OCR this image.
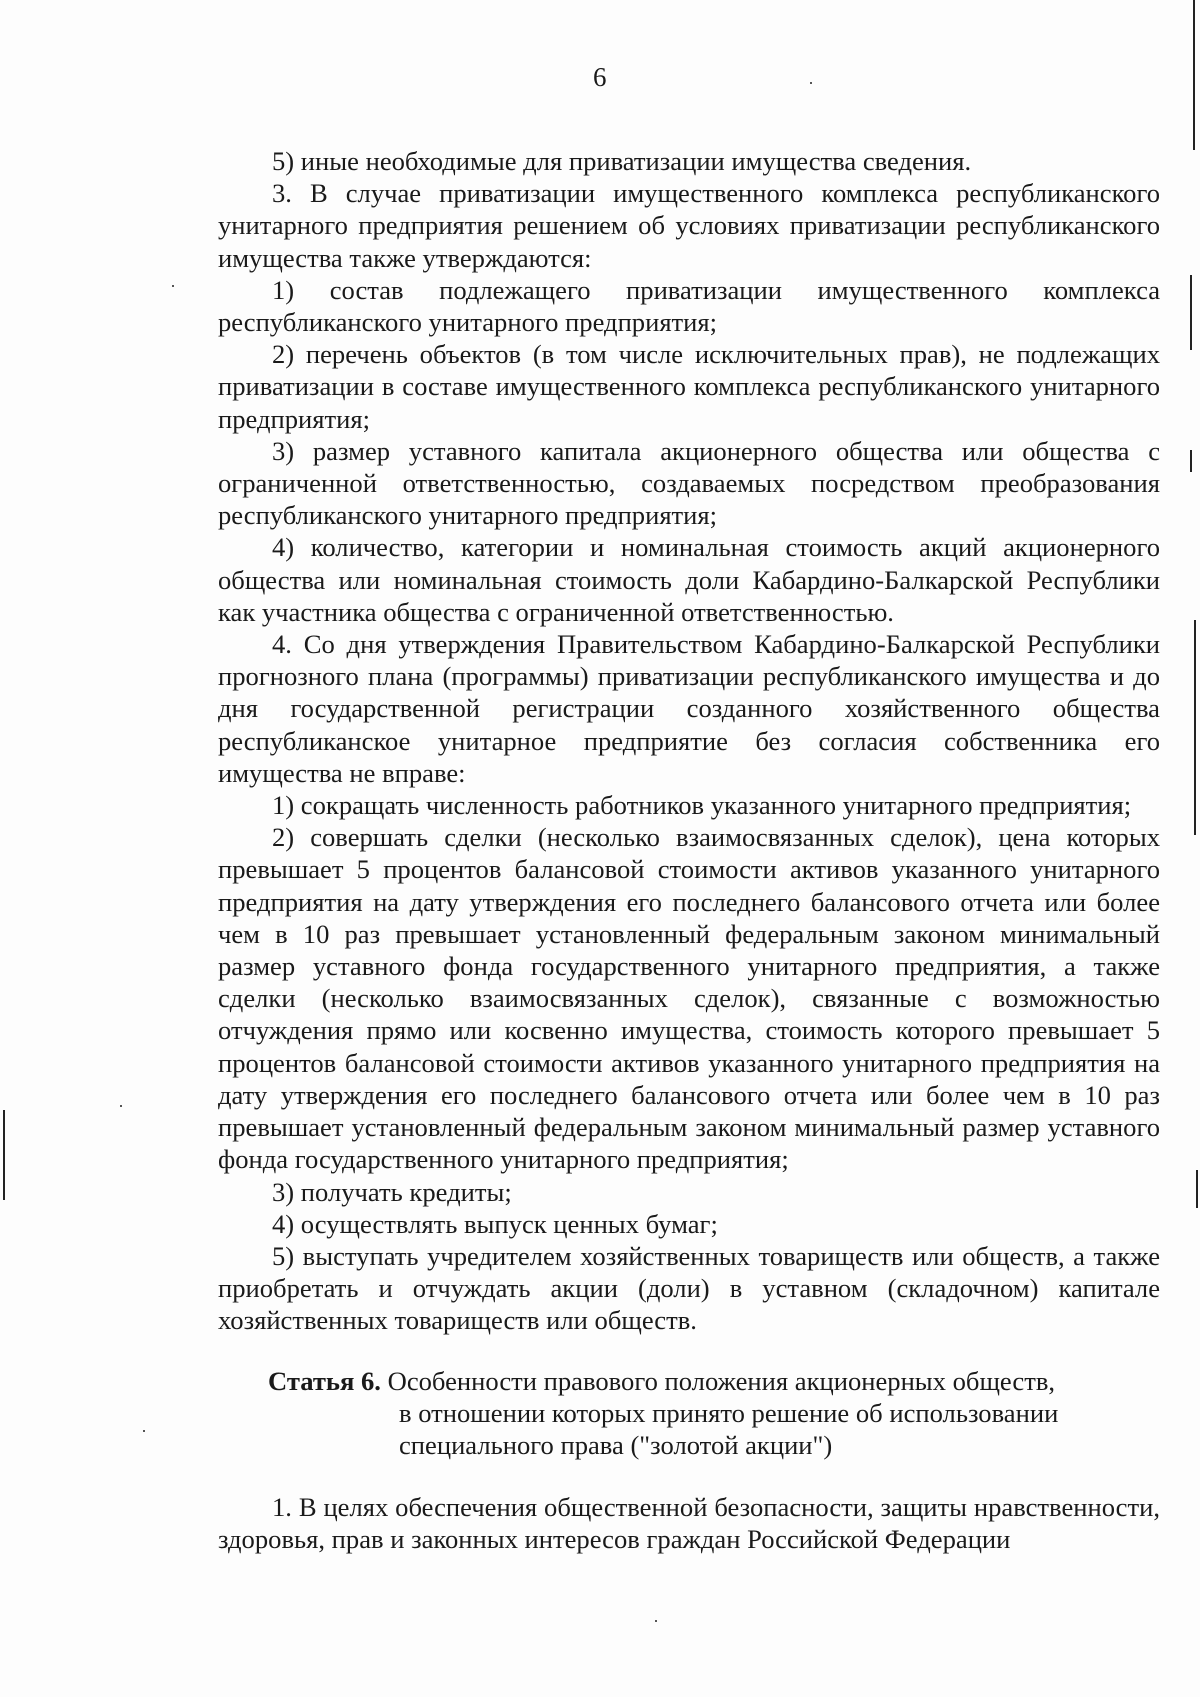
6

5) иные необходимые для приватизации имущества сведения.

3. В случае приватизации имущественного комплекса республиканского унитарного предприятия решением об условиях приватизации республиканского имущества также утверждаются:

1) состав подлежащего приватизации имущественного комплекса республиканского унитарного предприятия;

2) перечень объектов (в том числе исключительных прав), не подлежащих приватизации в составе имущественного комплекса республиканского унитарного предприятия;

3) размер уставного капитала акционерного общества или общества с ограниченной ответственностью, создаваемых посредством преобразования республиканского унитарного предприятия;

4) количество, категории и номинальная стоимость акций акционерного общества или номинальная стоимость доли Кабардино-Балкарской Республики как участника общества с ограниченной ответственностью.

4. Со дня утверждения Правительством Кабардино-Балкарской Республики прогнозного плана (программы) приватизации республиканского имущества и до дня государственной регистрации созданного хозяйственного общества республиканское унитарное предприятие без согласия собственника его имущества не вправе:

1) сокращать численность работников указанного унитарного предприятия;

2) совершать сделки (несколько взаимосвязанных сделок), цена которых превышает 5 процентов балансовой стоимости активов указанного унитарного предприятия на дату утверждения его последнего балансового отчета или более чем в 10 раз превышает установленный федеральным законом минимальный размер уставного фонда государственного унитарного предприятия, а также сделки (несколько взаимосвязанных сделок), связанные с возможностью отчуждения прямо или косвенно имущества, стоимость которого превышает 5 процентов балансовой стоимости активов указанного унитарного предприятия на дату утверждения его последнего балансового отчета или более чем в 10 раз превышает установленный федеральным законом минимальный размер уставного фонда государственного унитарного предприятия;

3) получать кредиты;

4) осуществлять выпуск ценных бумаг;

5) выступать учредителем хозяйственных товариществ или обществ, а также приобретать и отчуждать акции (доли) в уставном (складочном) капитале хозяйственных товариществ или обществ.

Статья 6. Особенности правового положения акционерных обществ,
в отношении которых принято решение об использовании
специального права ("золотой акции")

1. В целях обеспечения общественной безопасности, защиты нравственности, здоровья, прав и законных интересов граждан Российской Федерации
